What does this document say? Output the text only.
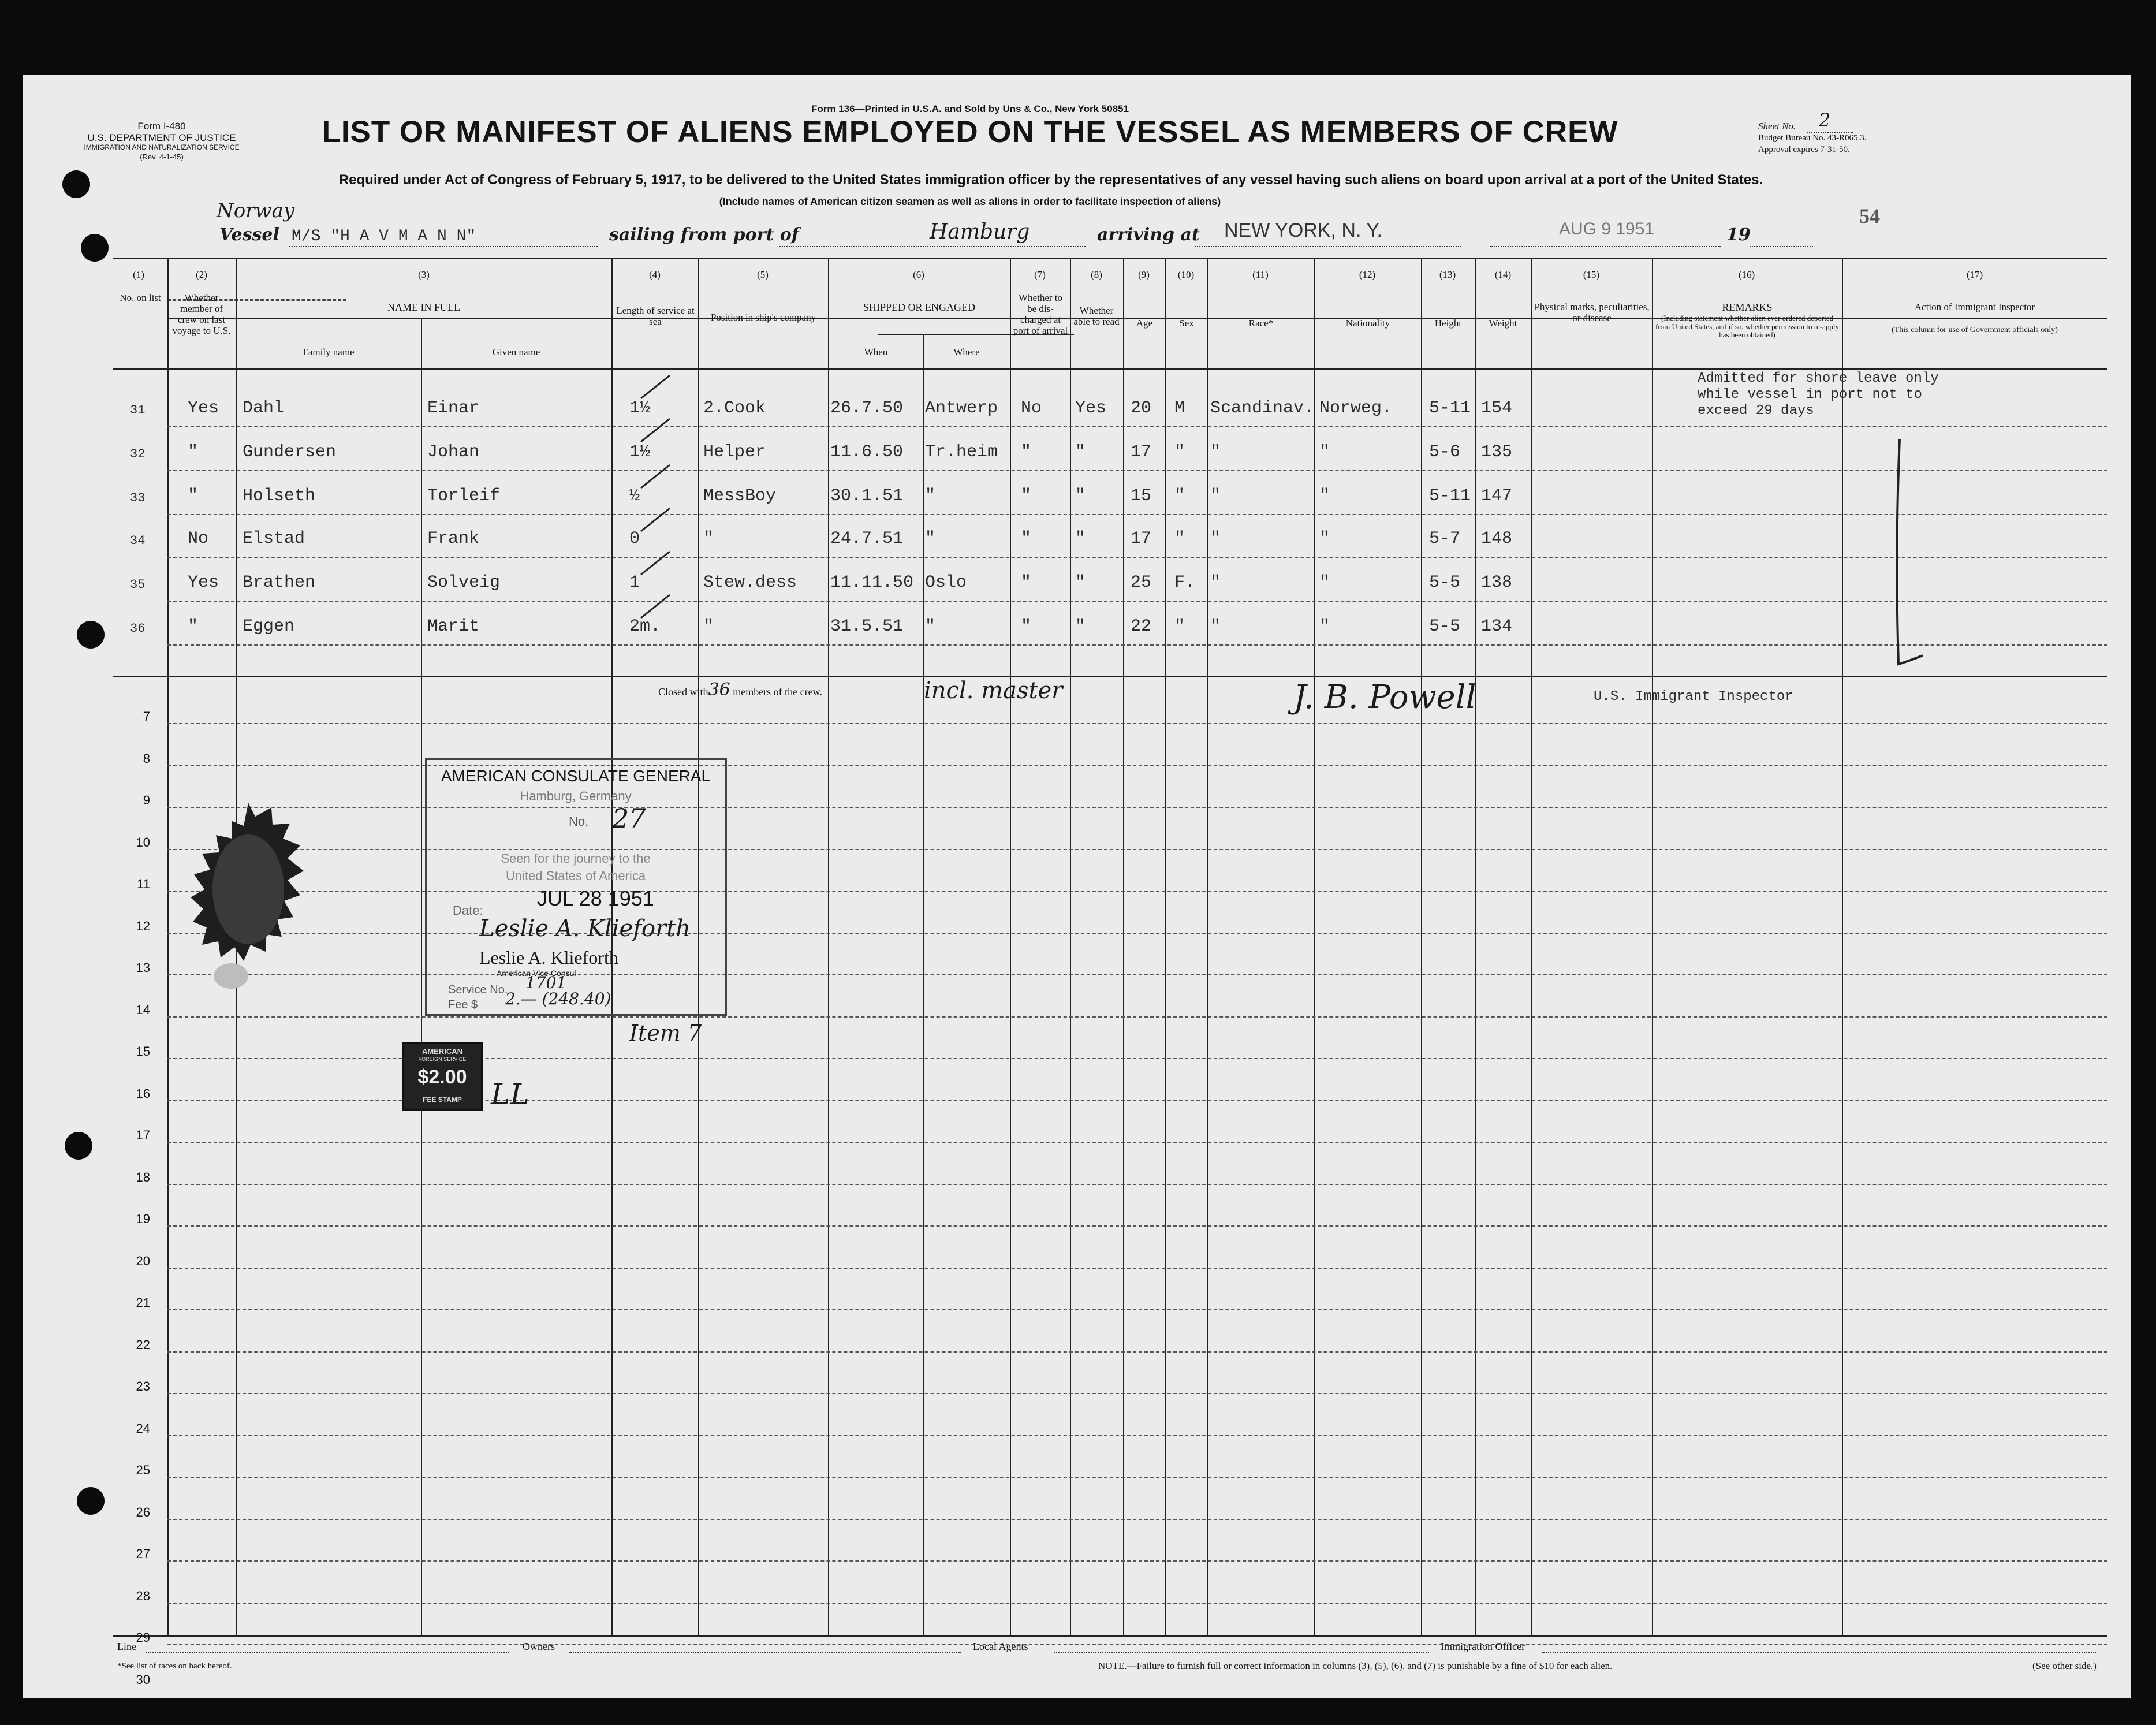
Form I-480
U.S. DEPARTMENT OF JUSTICE
IMMIGRATION AND NATURALIZATION SERVICE
(Rev. 4-1-45)
Form 136—Printed in U.S.A. and Sold by Uns & Co., New York 50851
LIST OR MANIFEST OF ALIENS EMPLOYED ON THE VESSEL AS MEMBERS OF CREW	Sheet No. 2
Budget Bureau No. 43-R065.3.
Approval expires 7-31-50.
Required under Act of Congress of February 5, 1917, to be delivered to the United States immigration officer by the representatives of any vessel having such aliens on board upon arrival at a port of the United States.
(Include names of American citizen seamen as well as aliens in order to facilitate inspection of aliens)
Norway
Vessel M/S "H A V M A N N"	sailing from port of	Hamburg	arriving at NEW YORK, N. Y.	AUG 9 1951	19
54
(1)	(2)	(3)	(4)	(5)	(6)	(7)	(8)	(9)	(10)	(11)	(12)	(13)	(14)	(15)	(16)	(17)
No. on list	Whether member of crew on last voyage to U.S.
NAME IN FULL
Family name	Given name
Length of service at sea	Position in ship's company
SHIPPED OR ENGAGED
When	Where
Whether to be dis-charged at port of arrival
Whether able to read	Age	Sex	Race*	Nationality	Height	Weight
Physical marks, peculiarities, or disease
REMARKS
(Including statement whether alien ever ordered deported from United States, and if so, whether permission to re-apply has been obtained)
Action of Immigrant Inspector
(This column for use of Government officials only)
31 Yes Dahl	Einar	1½	2.Cook	26.7.50 Antwerp No Yes 20 M Scandinav. Norweg. 5-11 154
32 "	Gundersen	Johan	1½	Helper	11.6.50 Tr.heim "	"	17 " "	"	5-6 135
33 "	Holseth	Torleif	½	MessBoy	30.1.51 "	"	"	15 " "	"	5-11 147
34 No Elstad	Frank	0	"	24.7.51 "	"	"	17 " "	"	5-7 148
35 Yes Brathen	Solveig	1	Stew.dess 11.11.50 Oslo	"	"	25 F. "	"	5-5 138
36 "	Eggen	Marit	2m. "	31.5.51 "	"	"	22 " "	"	5-5 134
Admitted for shore leave only
while vessel in port not to
exceed 29 days
Closed with36 members of the crew.	incl. master	J. B. Powell	U.S. Immigrant Inspector
7
8
9
10
11
12
13
14
15
16
17
18
19
20
21
22
23
24
25
26
27
28
29
30
AMERICAN CONSULATE GENERAL
Hamburg, Germany
No. 27
Seen for the journey to the
United States of America
Date:
JUL 28 1951
Leslie A. Klieforth
Leslie A. Klieforth
American Vice Consul
Service No. 1701
Fee $ 2.— (248.40)
Item 7
AMERICAN
FOREIGN SERVICE
$2.00
FEE STAMP LL
Line	Owners	Local Agents	Immigration Officer
*See list of races on back hereof.	NOTE.—Failure to furnish full or correct information in columns (3), (5), (6), and (7) is punishable by a fine of $10 for each alien.	(See other side.)
